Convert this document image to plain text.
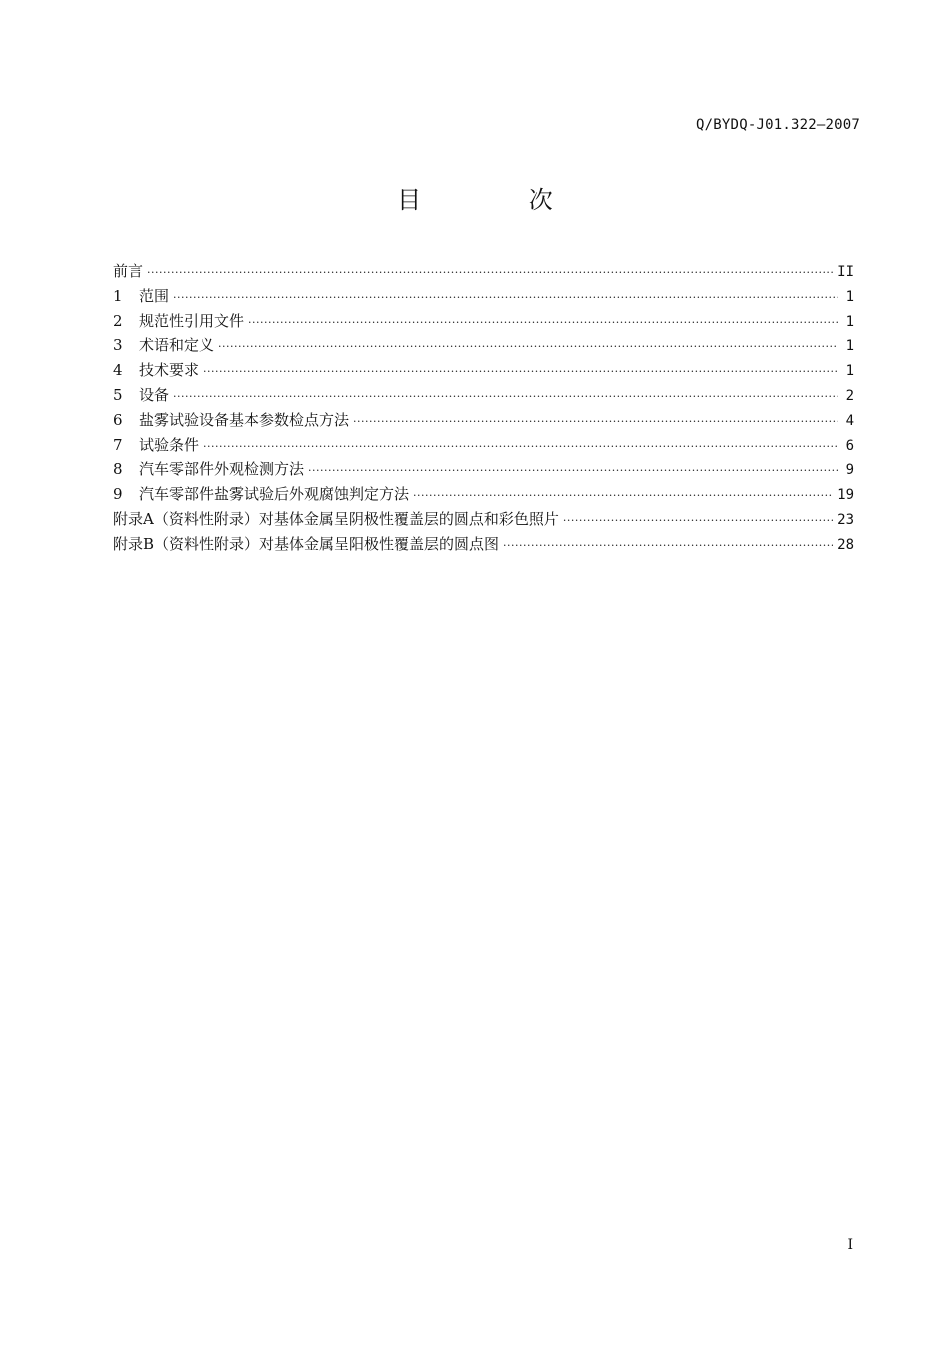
Q/BYDQ-J01.322—2007
目 次
前言 ·····	II
1	范围 ·····	1
2	规范性引用文件 ·····	1
3	术语和定义 ·····	1
4	技术要求 ·····	1
5	设备 ·····	2
6	盐雾试验设备基本参数检点方法 ·····	4
7	试验条件 ·····	6
8	汽车零部件外观检测方法 ·····	9
9	汽车零部件盐雾试验后外观腐蚀判定方法 ·····	19
附录A（资料性附录）对基体金属呈阴极性覆盖层的圆点和彩色照片 ·····	23
附录B（资料性附录）对基体金属呈阳极性覆盖层的圆点图 ·····	28
I
